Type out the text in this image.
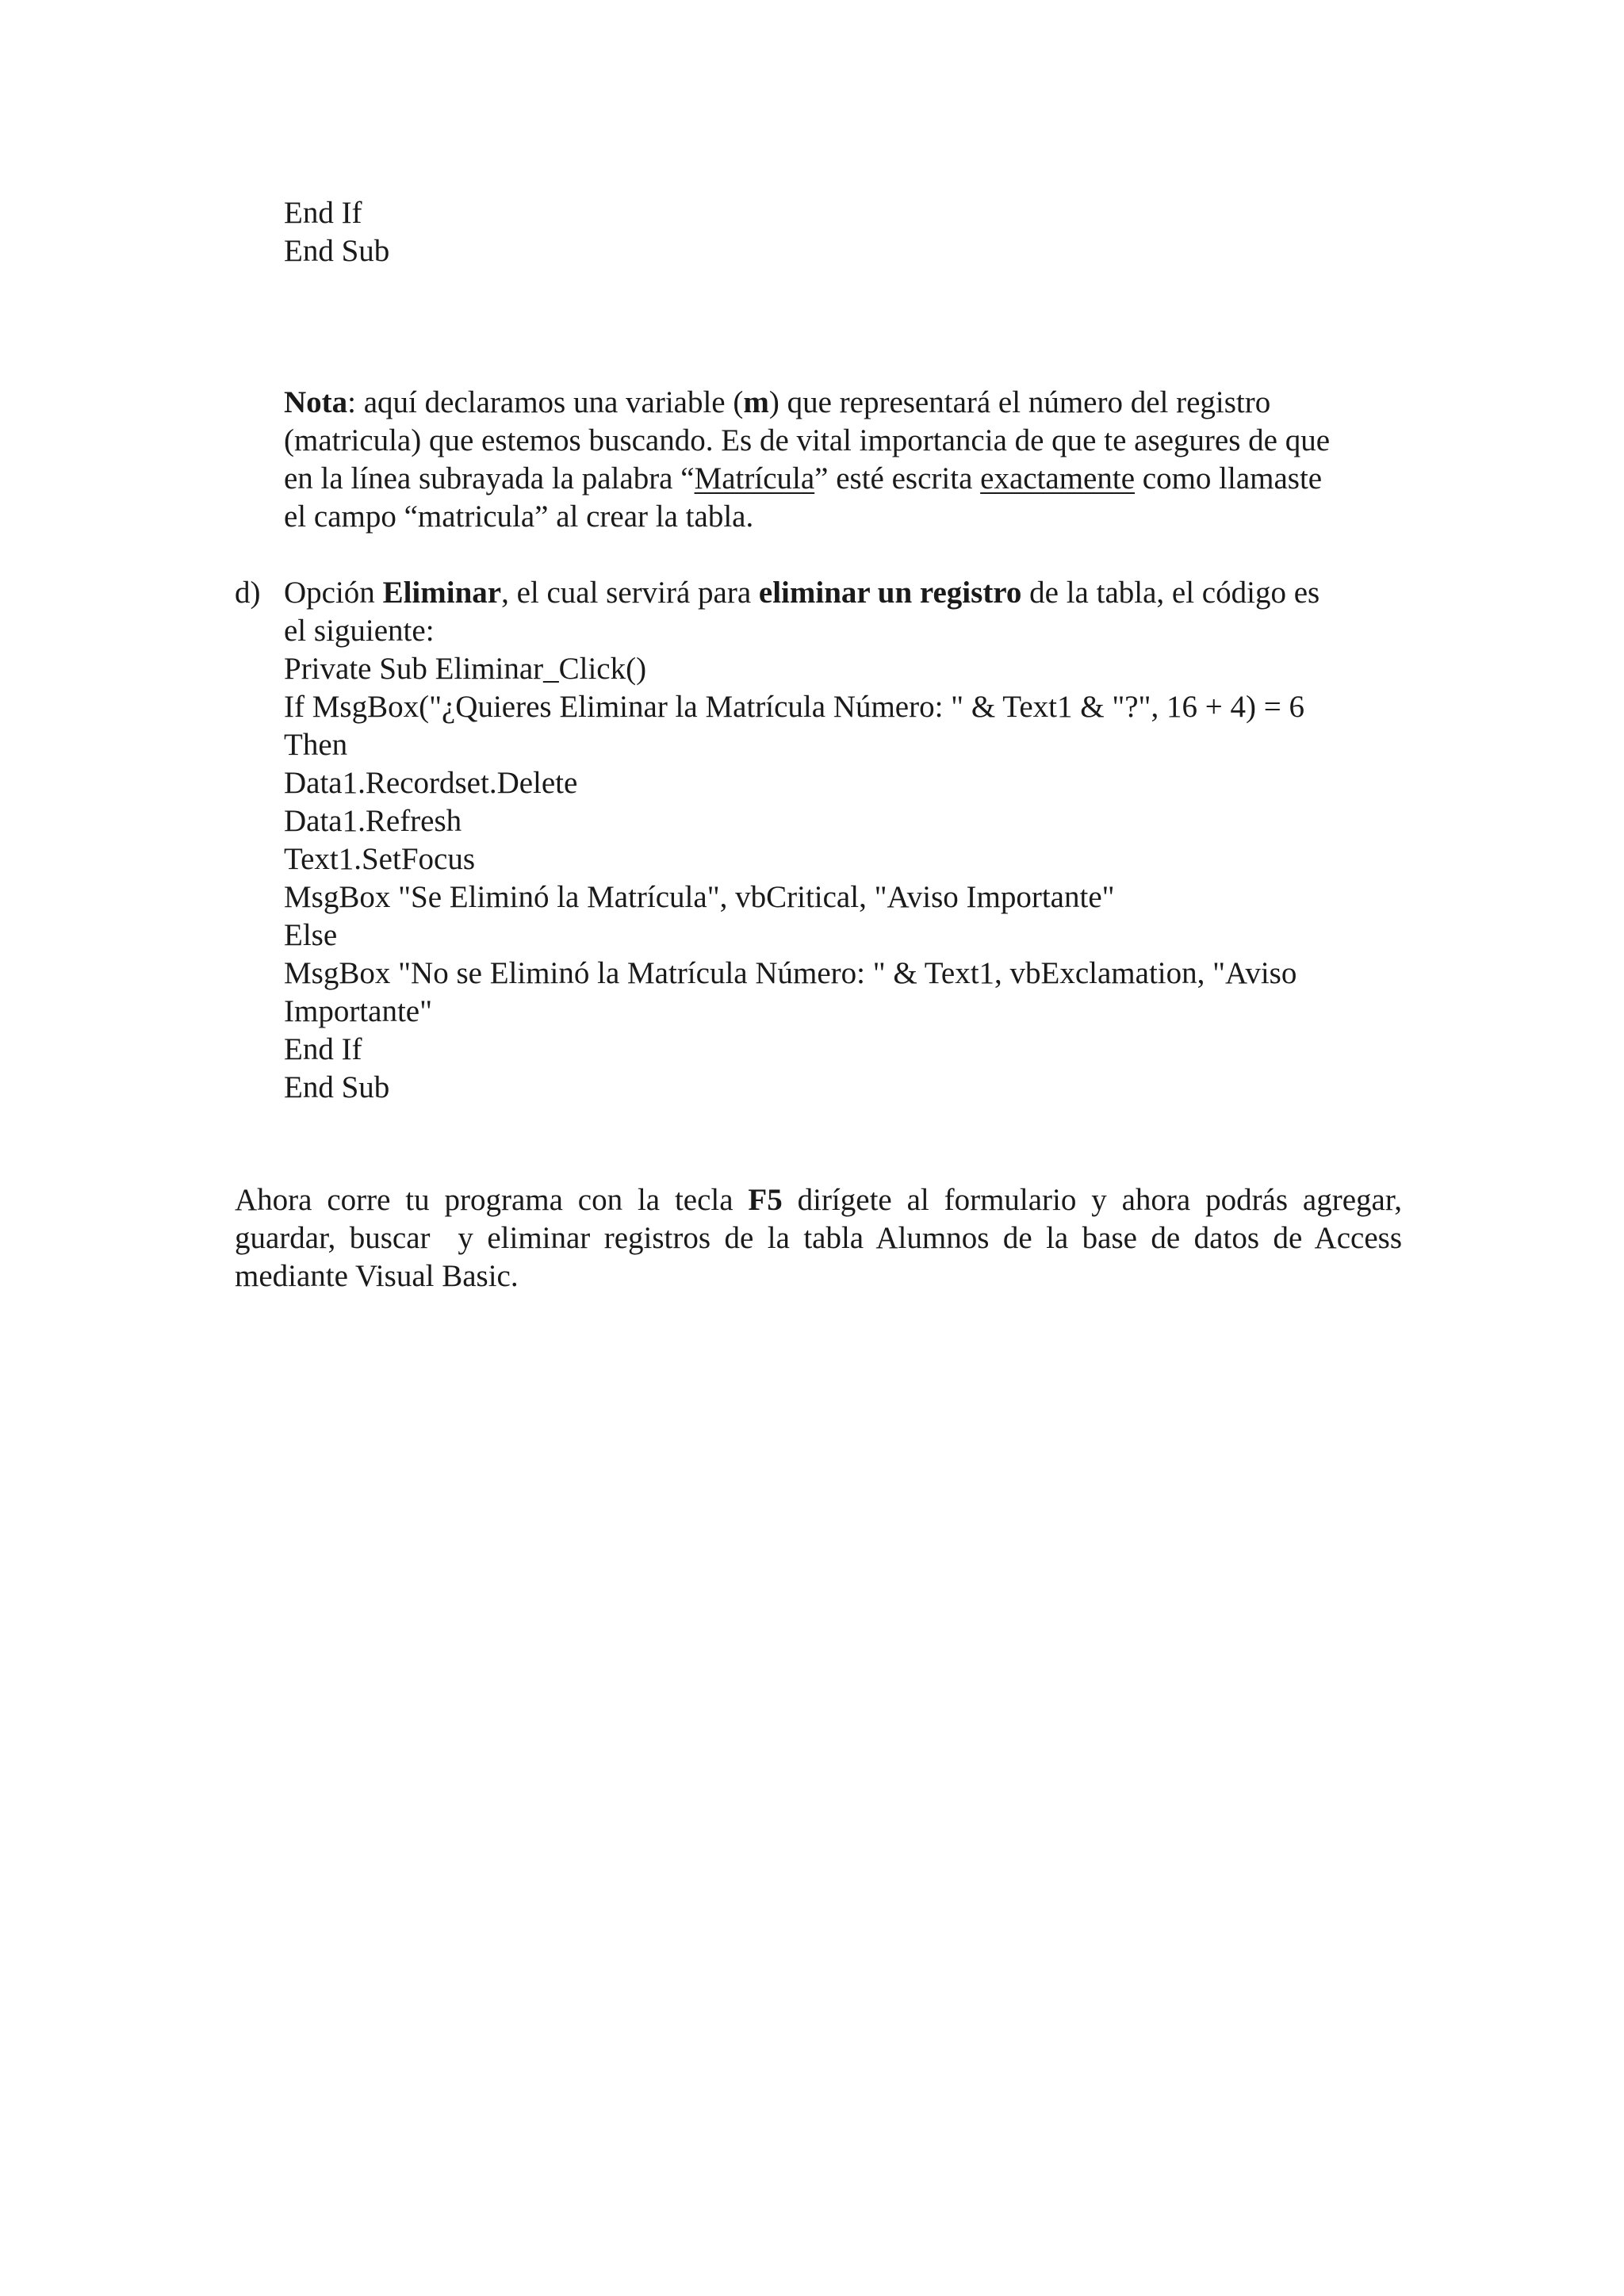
End If
End Sub
Nota: aquí declaramos una variable (m) que representará el número del registro
(matricula) que estemos buscando. Es de vital importancia de que te asegures de que
en la línea subrayada la palabra “Matrícula” esté escrita exactamente como llamaste
el campo “matricula” al crear la tabla.
d) Opción Eliminar, el cual servirá para eliminar un registro de la tabla, el código es
el siguiente:
Private Sub Eliminar_Click()
If MsgBox("¿Quieres Eliminar la Matrícula Número: " & Text1 & "?", 16 + 4) = 6
Then
Data1.Recordset.Delete
Data1.Refresh
Text1.SetFocus
MsgBox "Se Eliminó la Matrícula", vbCritical, "Aviso Importante"
Else
MsgBox "No se Eliminó la Matrícula Número: " & Text1, vbExclamation, "Aviso
Importante"
End If
End Sub
Ahora corre tu programa con la tecla F5 dirígete al formulario y ahora podrás agregar,
guardar, buscar  y eliminar registros de la tabla Alumnos de la base de datos de Access
mediante Visual Basic.
